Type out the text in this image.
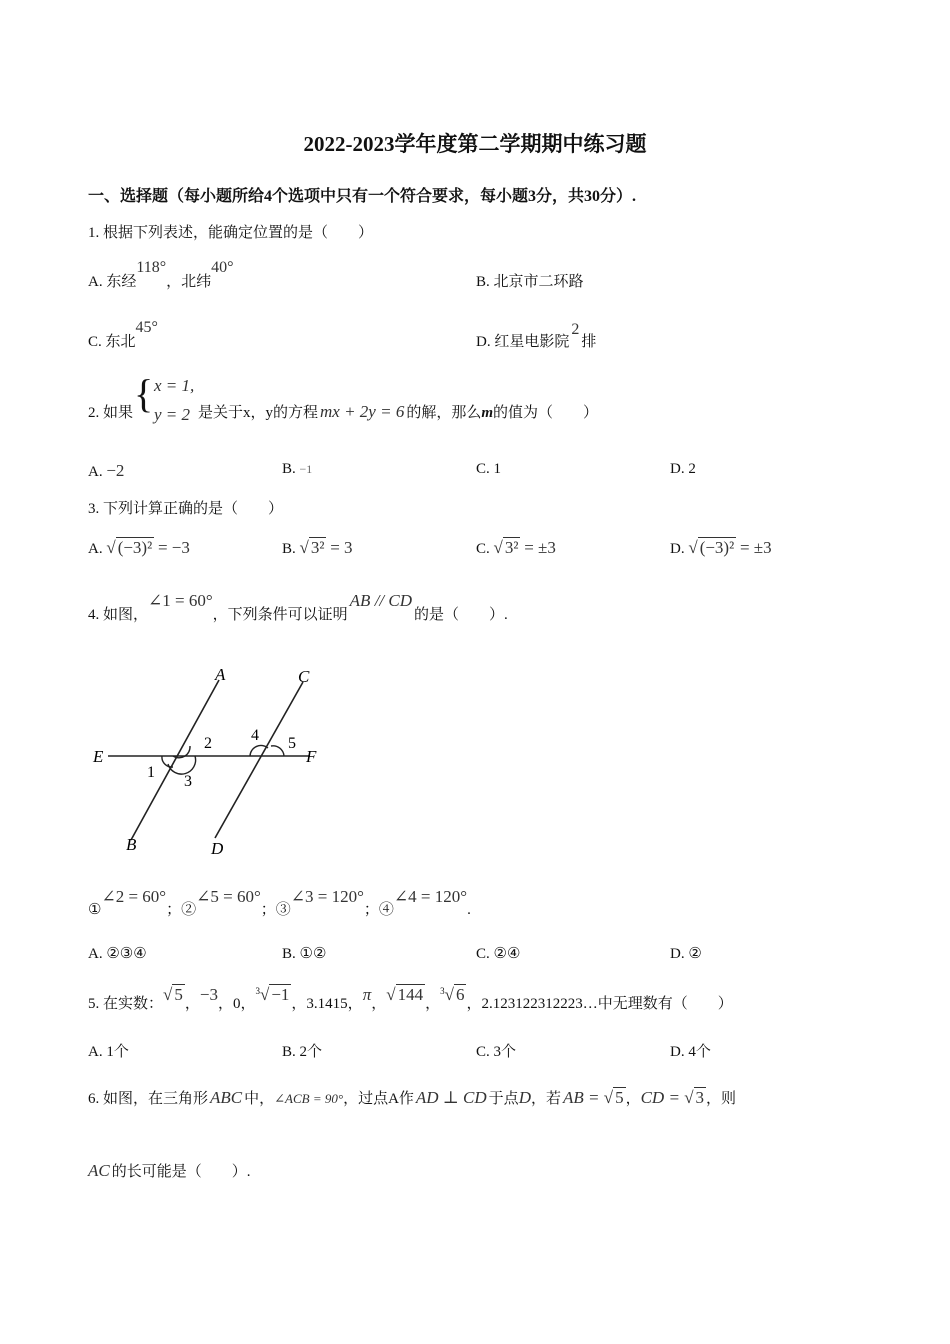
2022-2023学年度第二学期期中练习题
一、选择题（每小题所给4个选项中只有一个符合要求，每小题3分，共30分）.
1. 根据下列表述，能确定位置的是（　　）
A. 东经118°，北纬40°
B. 北京市二环路
C. 东北45°
D. 红星电影院2排
2. 如果 { x = 1,
y = 2 是关于x，y的方程 mx + 2y = 6 的解，那么m的值为（　　）
A. −2	B. −1	C. 1	D. 2
3. 下列计算正确的是（　　）
A. √ (−3)² = −3	B. √ 3² = 3	C. √ 3² = ±3	D. √ (−3)² = ±3
4. 如图，∠1 = 60°，下列条件可以证明AB // CD的是（　　）.
A
B
C
D
E	F
1
2
3
4 5
①∠2 = 60°；②∠5 = 60°；③∠3 = 120°；④∠4 = 120°.
A. ②③④	B. ①②	C. ②④	D. ②
5. 在实数：√ 5 ，−3，0，$^3$√ −1 ，3.1415，π，√ 144 ，$^3$√ 6 ，2.123122312223…中无理数有（　　）
A. 1个	B. 2个	C. 3个	D. 4个
6. 如图，在三角形 ABC 中，∠ACB = 90°，过点A作 AD ⊥ CD 于点D，若 AB = √ 5 ，CD = √ 3 ，则
AC 的长可能是（　　）.
